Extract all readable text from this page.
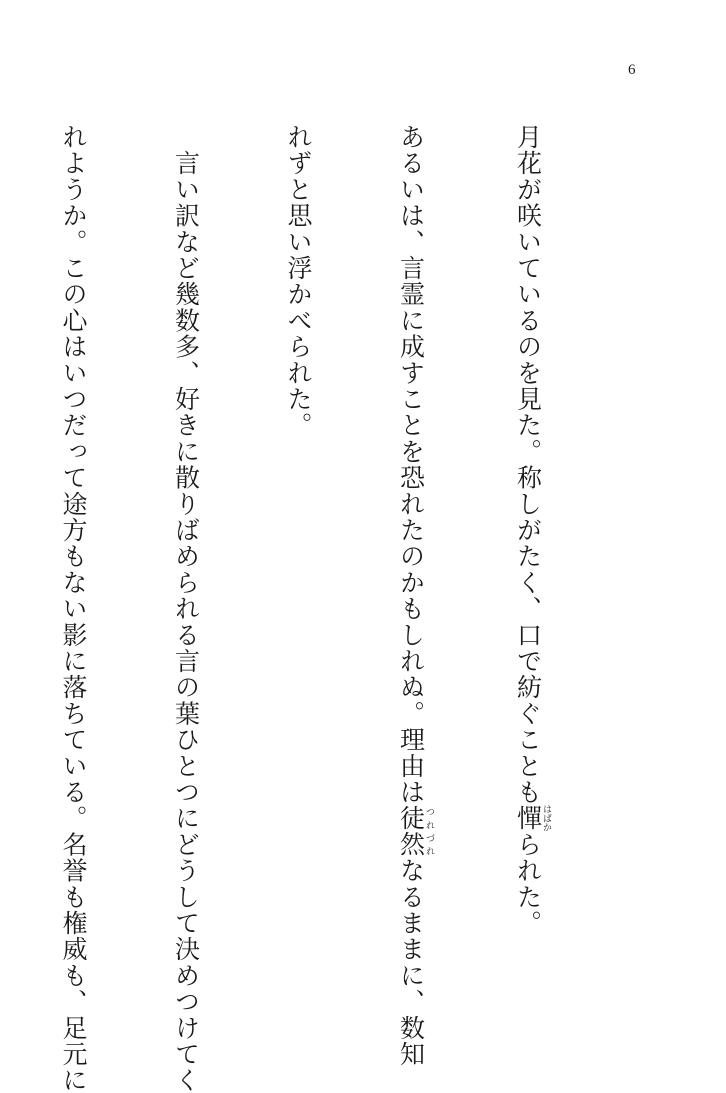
6

月花が咲いているのを見た。称しがたく、口で紡ぐことも憚はばかられた。

あるいは、言霊に成すことを恐れたのかもしれぬ。理由は徒然つれづれなるままに、数知

れずと思い浮かべられた。

　言い訳など幾数多、好きに散りばめられる言の葉ひとつにどうして決めつけてく

れようか。この心はいつだって途方もない影に落ちている。名誉も権威も、足元に
